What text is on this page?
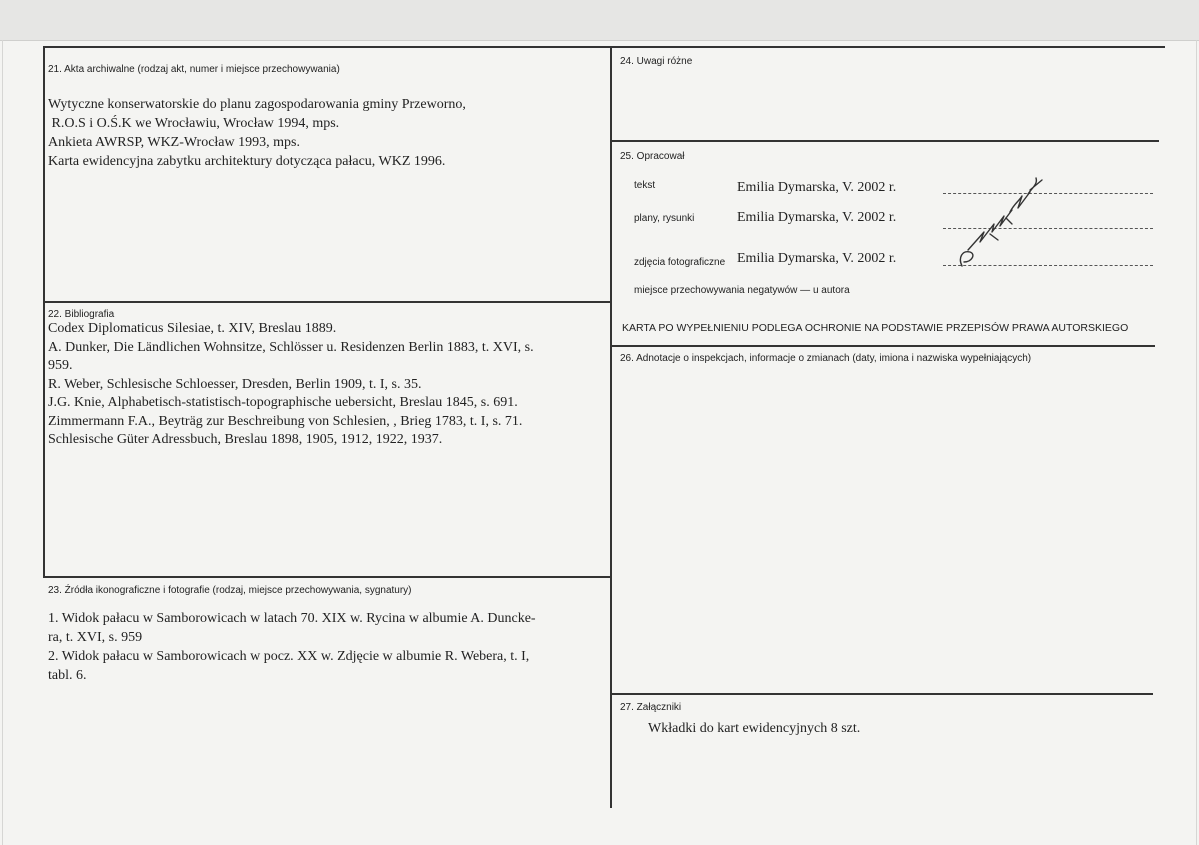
21. Akta archiwalne (rodzaj akt, numer i miejsce przechowywania)
Wytyczne konserwatorskie do planu zagospodarowania gminy Przeworno,
R.O.S i O.Ś.K we Wrocławiu, Wrocław 1994, mps.
Ankieta AWRSP, WKZ-Wrocław 1993, mps.
Karta ewidencyjna zabytku architektury dotycząca pałacu, WKZ 1996.
22. Bibliografia
Codex Diplomaticus Silesiae, t. XIV, Breslau 1889.
A. Dunker, Die Ländlichen Wohnsitze, Schlösser u. Residenzen Berlin 1883, t. XVI, s.
959.
R. Weber, Schlesische Schloesser, Dresden, Berlin 1909, t. I, s. 35.
J.G. Knie, Alphabetisch-statistisch-topographische uebersicht, Breslau 1845, s. 691.
Zimmermann F.A., Beyträg zur Beschreibung von Schlesien, , Brieg 1783, t. I, s. 71.
Schlesische Güter Adressbuch, Breslau 1898, 1905, 1912, 1922, 1937.
23. Źródła ikonograficzne i fotografie (rodzaj, miejsce przechowywania, sygnatury)
1. Widok pałacu w Samborowicach w latach 70. XIX w. Rycina w albumie A. Duncke-
ra, t. XVI, s. 959
2. Widok pałacu w Samborowicach w pocz. XX w. Zdjęcie w albumie R. Webera, t. I,
tabl. 6.
24. Uwagi różne
25. Opracował
tekst	Emilia Dymarska, V. 2002 r.
plany, rysunki	Emilia Dymarska, V. 2002 r.
zdjęcia fotograficzne Emilia Dymarska, V. 2002 r.
miejsce przechowywania negatywów — u autora
KARTA PO WYPEŁNIENIU PODLEGA OCHRONIE NA PODSTAWIE PRZEPISÓW PRAWA AUTORSKIEGO
26. Adnotacje o inspekcjach, informacje o zmianach (daty, imiona i nazwiska wypełniających)
27. Załączniki
Wkładki do kart ewidencyjnych 8 szt.
